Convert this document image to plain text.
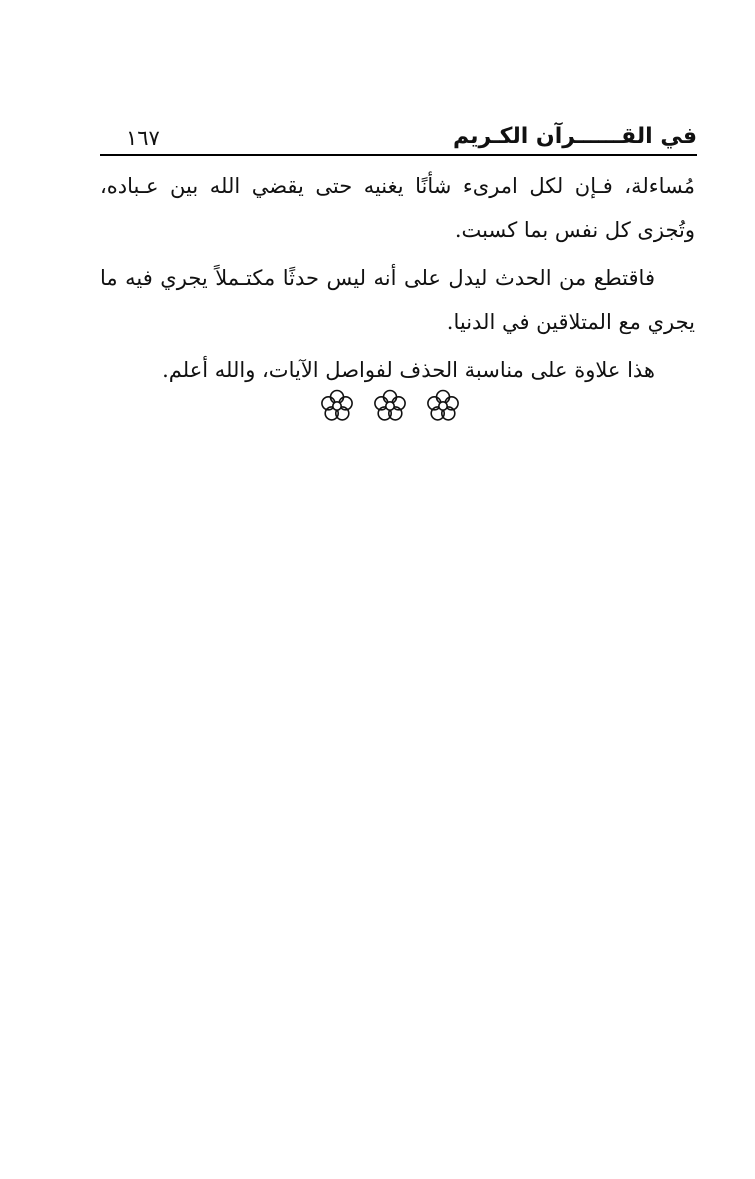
١٦٧	في القــــــرآن الكـريم

مُساءلة، فـإن لكل امرىء شأنًا يغنيه حتى يقضي الله بين عـباده، وتُجزى كل نفس بما كسبت.

فاقتطع من الحدث ليدل على أنه ليس حدثًا مكتـملاً يجري فيه ما يجري مع المتلاقين في الدنيا.

هذا علاوة على مناسبة الحذف لفواصل الآيات، والله أعلم.
